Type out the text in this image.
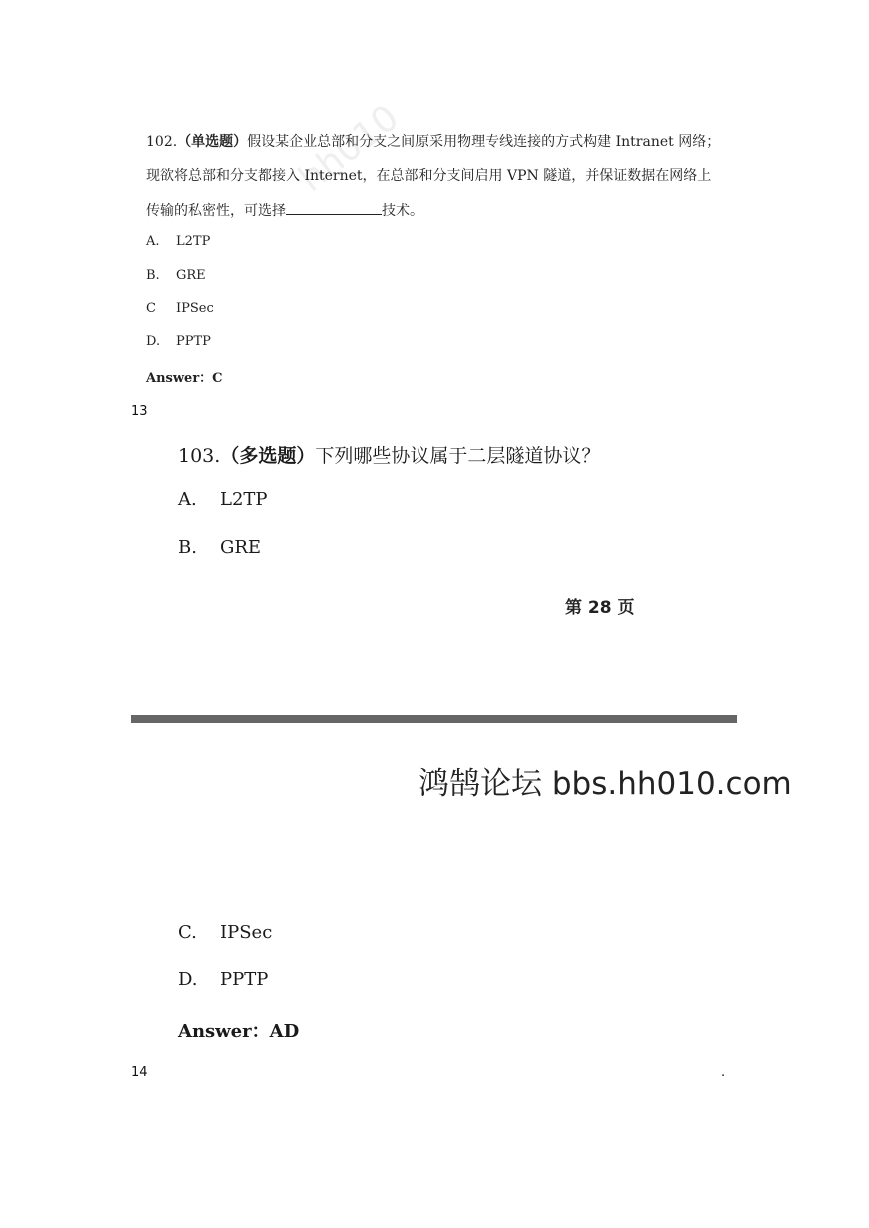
hh010
102.（单选题）假设某企业总部和分支之间原采用物理专线连接的方式构建 Intranet 网络；
现欲将总部和分支都接入 Internet，在总部和分支间启用 VPN 隧道，并保证数据在网络上
传输的私密性，可选择	技术。
A. L2TP
B. GRE
C IPSec
D. PPTP
Answer：C
13
103.（多选题）下列哪些协议属于二层隧道协议？
A. L2TP
B. GRE
第 28 页
鸿鹄论坛 bbs.hh010.com
C. IPSec
D. PPTP
Answer：AD
14	.
